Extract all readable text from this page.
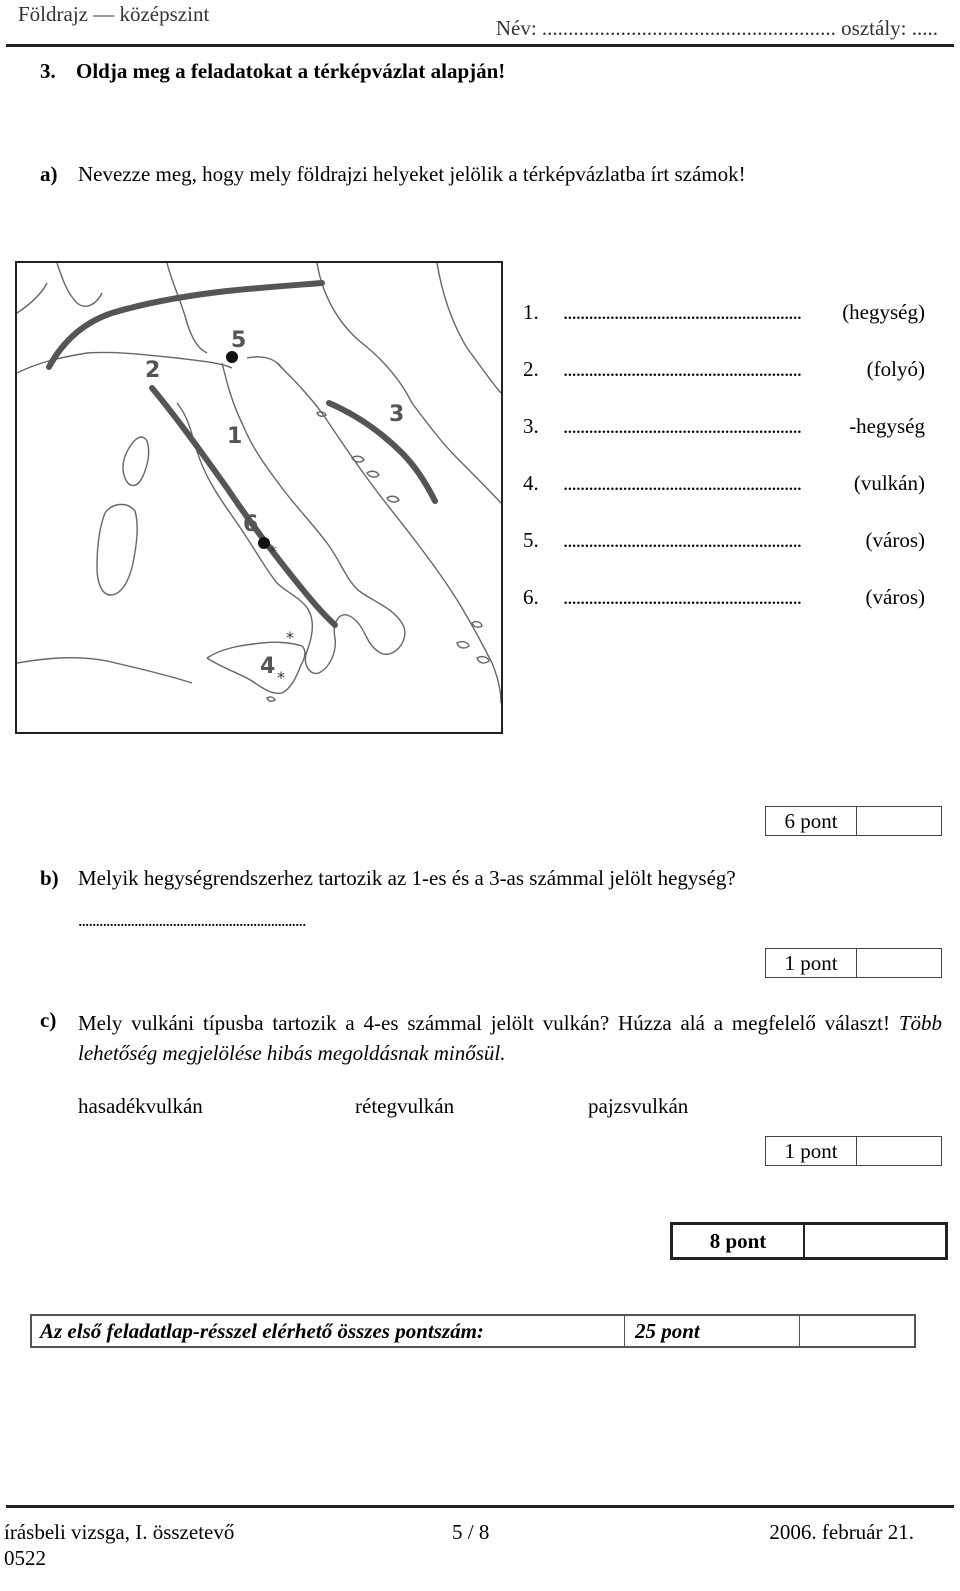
Földrajz — középszint
Név: ........................................................ osztály: .....
3. Oldja meg a feladatokat a térképvázlat alapján!
a) Nevezze meg, hogy mely földrajzi helyeket jelölik a térképvázlatba írt számok!
*
*
*
1
2
3
4
5
6
1.	........................................................	(hegység)
2.	........................................................	(folyó)
3.	........................................................	-hegység
4.	........................................................	(vulkán)
5.	........................................................	(város)
6.	........................................................	(város)
6 pont
b) Melyik hegységrendszerhez tartozik az 1-es és a 3-as számmal jelölt hegység?
.................................................................
1 pont
c)	Mely vulkáni típusba tartozik a 4-es számmal jelölt vulkán? Húzza alá a megfelelő választ! Több lehetőség megjelölése hibás megoldásnak minősül.
hasadékvulkán	rétegvulkán	pajzsvulkán
1 pont
8 pont
Az első feladatlap-résszel elérhető összes pontszám:	25 pont
írásbeli vizsga, I. összetevő
0522
5 / 8	2006. február 21.
